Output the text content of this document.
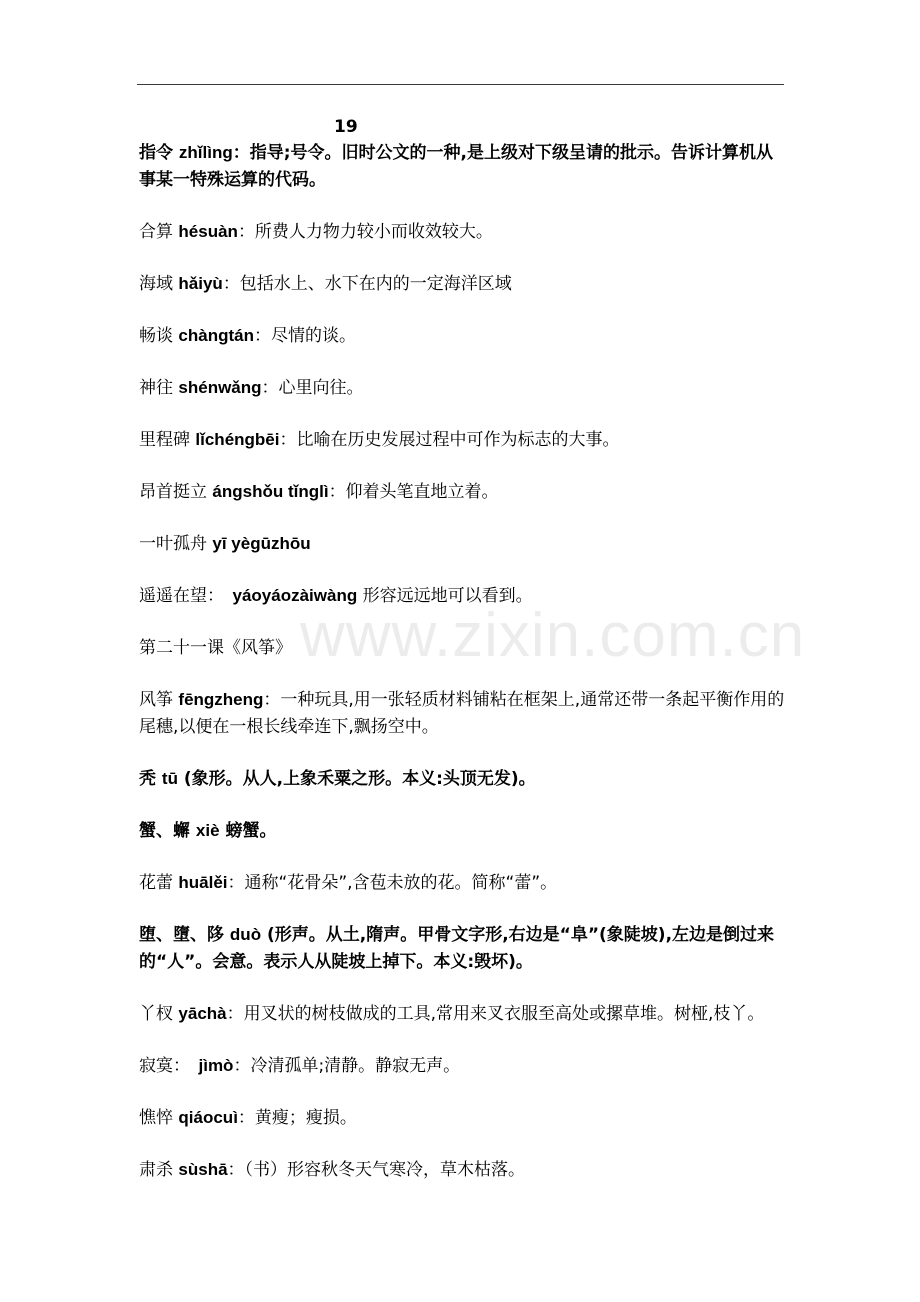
19

指令 zhǐlìng：指导;号令。旧时公文的一种,是上级对下级呈请的批示。告诉计算机从事某一特殊运算的代码。

合算 hésuàn：所费人力物力较小而收效较大。

海域 hǎiyù：包括水上、水下在内的一定海洋区域

畅谈 chàngtán：尽情的谈。

神往 shénwǎng：心里向往。

里程碑 lǐchéngbēi：比喻在历史发展过程中可作为标志的大事。

昂首挺立 ángshǒu tǐnglì：仰着头笔直地立着。

一叶孤舟 yī yègūzhōu

遥遥在望：　yáoyáozàiwàng 形容远远地可以看到。

第二十一课《风筝》

风筝 fēngzheng：一种玩具,用一张轻质材料铺粘在框架上,通常还带一条起平衡作用的尾穗,以便在一根长线牵连下,飘扬空中。

秃 tū (象形。从人,上象禾粟之形。本义:头顶无发)。

蟹、蠏 xiè 螃蟹。

花蕾 huālěi：通称“花骨朵”,含苞未放的花。简称“蕾”。

堕、墮、陊 duò (形声。从土,隋声。甲骨文字形,右边是“阜”(象陡坡),左边是倒过来的“人”。会意。表示人从陡坡上掉下。本义:毁坏)。

丫杈 yāchà：用叉状的树枝做成的工具,常用来叉衣服至高处或摞草堆。树桠,枝丫。

寂寞：　jìmò：冷清孤单;清静。静寂无声。

憔悴 qiáocuì：黄瘦；瘦损。

肃杀 sùshā：（书）形容秋冬天气寒冷，草木枯落。

www.zixin.com.cn
